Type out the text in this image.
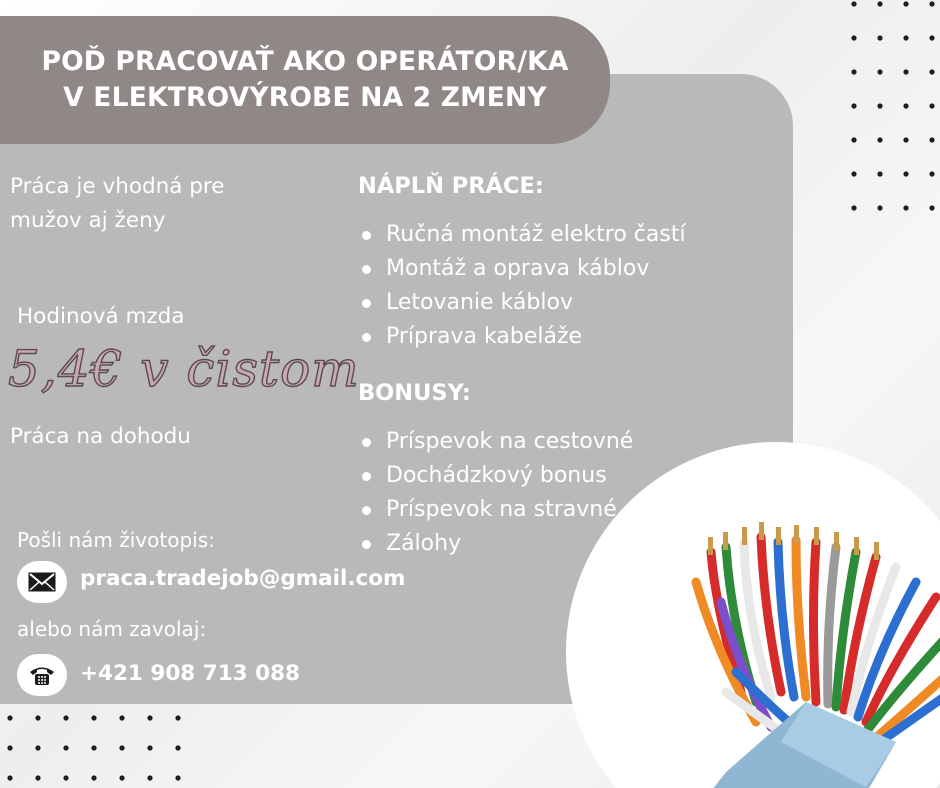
POĎ PRACOVAŤ AKO OPERÁTOR/KA
V ELEKTROVÝROBE NA 2 ZMENY
Práca je vhodná pre
mužov aj ženy
Hodinová mzda
5,4€ v čistom
Práca na dohodu
Pošli nám životopis:
praca.tradejob@gmail.com
alebo nám zavolaj:
+421 908 713 088
NÁPLŇ PRÁCE:
Ručná montáž elektro častí
Montáž a oprava káblov
Letovanie káblov
Príprava kabeláže
BONUSY:
Príspevok na cestovné
Dochádzkový bonus
Príspevok na stravné
Zálohy
